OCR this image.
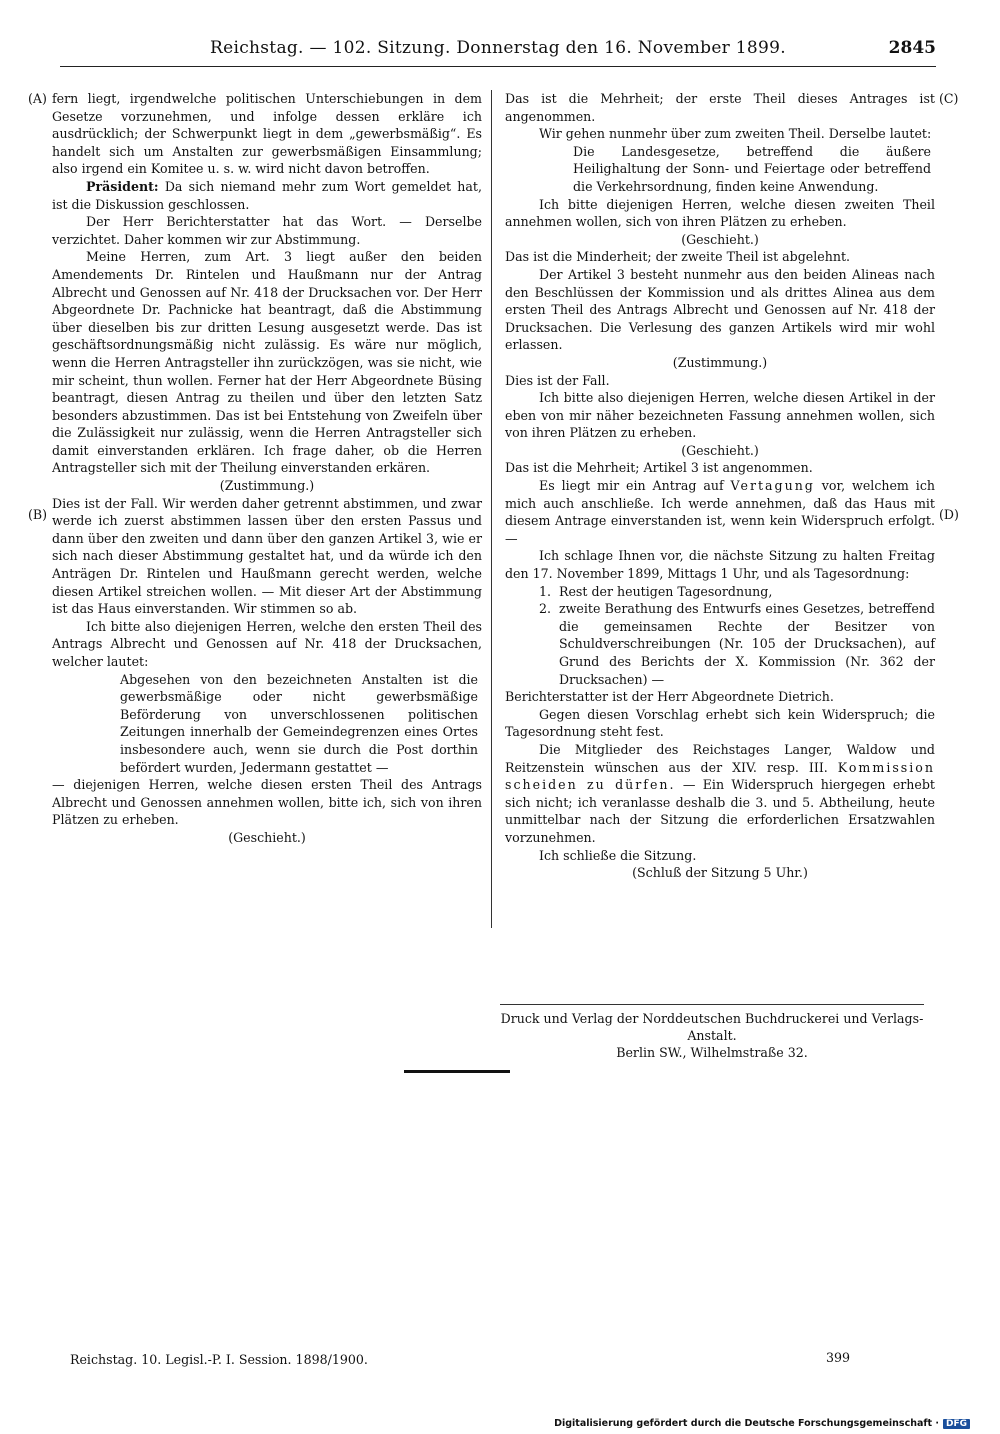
Reichstag. — 102. Sitzung. Donnerstag den 16. November 1899.	2845
(A)
(B)
(C)
(D)

fern liegt, irgendwelche politischen Unterschiebungen in dem Gesetze vorzunehmen, und infolge dessen erkläre ich ausdrücklich; der Schwerpunkt liegt in dem „gewerbsmäßig“. Es handelt sich um Anstalten zur gewerbsmäßigen Einsammlung; also irgend ein Komitee u. s. w. wird nicht davon betroffen.

Präsident: Da sich niemand mehr zum Wort gemeldet hat, ist die Diskussion geschlossen.

Der Herr Berichterstatter hat das Wort. — Derselbe verzichtet. Daher kommen wir zur Abstimmung.

Meine Herren, zum Art. 3 liegt außer den beiden Amendements Dr. Rintelen und Haußmann nur der Antrag Albrecht und Genossen auf Nr. 418 der Drucksachen vor. Der Herr Abgeordnete Dr. Pachnicke hat beantragt, daß die Abstimmung über dieselben bis zur dritten Lesung ausgesetzt werde. Das ist geschäftsordnungsmäßig nicht zulässig. Es wäre nur möglich, wenn die Herren Antragsteller ihn zurückzögen, was sie nicht, wie mir scheint, thun wollen. Ferner hat der Herr Abgeordnete Büsing beantragt, diesen Antrag zu theilen und über den letzten Satz besonders abzustimmen. Das ist bei Entstehung von Zweifeln über die Zulässigkeit nur zulässig, wenn die Herren Antragsteller sich damit einverstanden erklären. Ich frage daher, ob die Herren Antragsteller sich mit der Theilung einverstanden erkären.

(Zustimmung.)

Dies ist der Fall. Wir werden daher getrennt abstimmen, und zwar werde ich zuerst abstimmen lassen über den ersten Passus und dann über den zweiten und dann über den ganzen Artikel 3, wie er sich nach dieser Abstimmung gestaltet hat, und da würde ich den Anträgen Dr. Rintelen und Haußmann gerecht werden, welche diesen Artikel streichen wollen. — Mit dieser Art der Abstimmung ist das Haus einverstanden. Wir stimmen so ab.

Ich bitte also diejenigen Herren, welche den ersten Theil des Antrags Albrecht und Genossen auf Nr. 418 der Drucksachen, welcher lautet:

Abgesehen von den bezeichneten Anstalten ist die gewerbsmäßige oder nicht gewerbsmäßige Beförderung von unverschlossenen politischen Zeitungen innerhalb der Gemeindegrenzen eines Ortes insbesondere auch, wenn sie durch die Post dorthin befördert wurden, Jedermann gestattet —

— diejenigen Herren, welche diesen ersten Theil des Antrags Albrecht und Genossen annehmen wollen, bitte ich, sich von ihren Plätzen zu erheben.

(Geschieht.)

Das ist die Mehrheit; der erste Theil dieses Antrages ist angenommen.

Wir gehen nunmehr über zum zweiten Theil. Derselbe lautet:

Die Landesgesetze, betreffend die äußere Heilighaltung der Sonn- und Feiertage oder betreffend die Verkehrsordnung, finden keine Anwendung.

Ich bitte diejenigen Herren, welche diesen zweiten Theil annehmen wollen, sich von ihren Plätzen zu erheben.

(Geschieht.)

Das ist die Minderheit; der zweite Theil ist abgelehnt.

Der Artikel 3 besteht nunmehr aus den beiden Alineas nach den Beschlüssen der Kommission und als drittes Alinea aus dem ersten Theil des Antrags Albrecht und Genossen auf Nr. 418 der Drucksachen. Die Verlesung des ganzen Artikels wird mir wohl erlassen.

(Zustimmung.)

Dies ist der Fall.

Ich bitte also diejenigen Herren, welche diesen Artikel in der eben von mir näher bezeichneten Fassung annehmen wollen, sich von ihren Plätzen zu erheben.

(Geschieht.)

Das ist die Mehrheit; Artikel 3 ist angenommen.

Es liegt mir ein Antrag auf Vertagung vor, welchem ich mich auch anschließe. Ich werde annehmen, daß das Haus mit diesem Antrage einverstanden ist, wenn kein Widerspruch erfolgt. —

Ich schlage Ihnen vor, die nächste Sitzung zu halten Freitag den 17. November 1899, Mittags 1 Uhr, und als Tagesordnung:

1. Rest der heutigen Tagesordnung,
2. zweite Berathung des Entwurfs eines Gesetzes, betreffend die gemeinsamen Rechte der Besitzer von Schuldverschreibungen (Nr. 105 der Drucksachen), auf Grund des Berichts der X. Kommission (Nr. 362 der Drucksachen) —

Berichterstatter ist der Herr Abgeordnete Dietrich.

Gegen diesen Vorschlag erhebt sich kein Widerspruch; die Tagesordnung steht fest.

Die Mitglieder des Reichstages Langer, Waldow und Reitzenstein wünschen aus der XIV. resp. III. Kommission scheiden zu dürfen. — Ein Widerspruch hiergegen erhebt sich nicht; ich veranlasse deshalb die 3. und 5. Abtheilung, heute unmittelbar nach der Sitzung die erforderlichen Ersatzwahlen vorzunehmen.

Ich schließe die Sitzung.

(Schluß der Sitzung 5 Uhr.)

Druck und Verlag der Norddeutschen Buchdruckerei und Verlags-Anstalt.
Berlin SW., Wilhelmstraße 32.
Reichstag. 10. Legisl.-P. I. Session. 1898/1900.	399
Digitalisierung gefördert durch die Deutsche Forschungsgemeinschaft · DFG
